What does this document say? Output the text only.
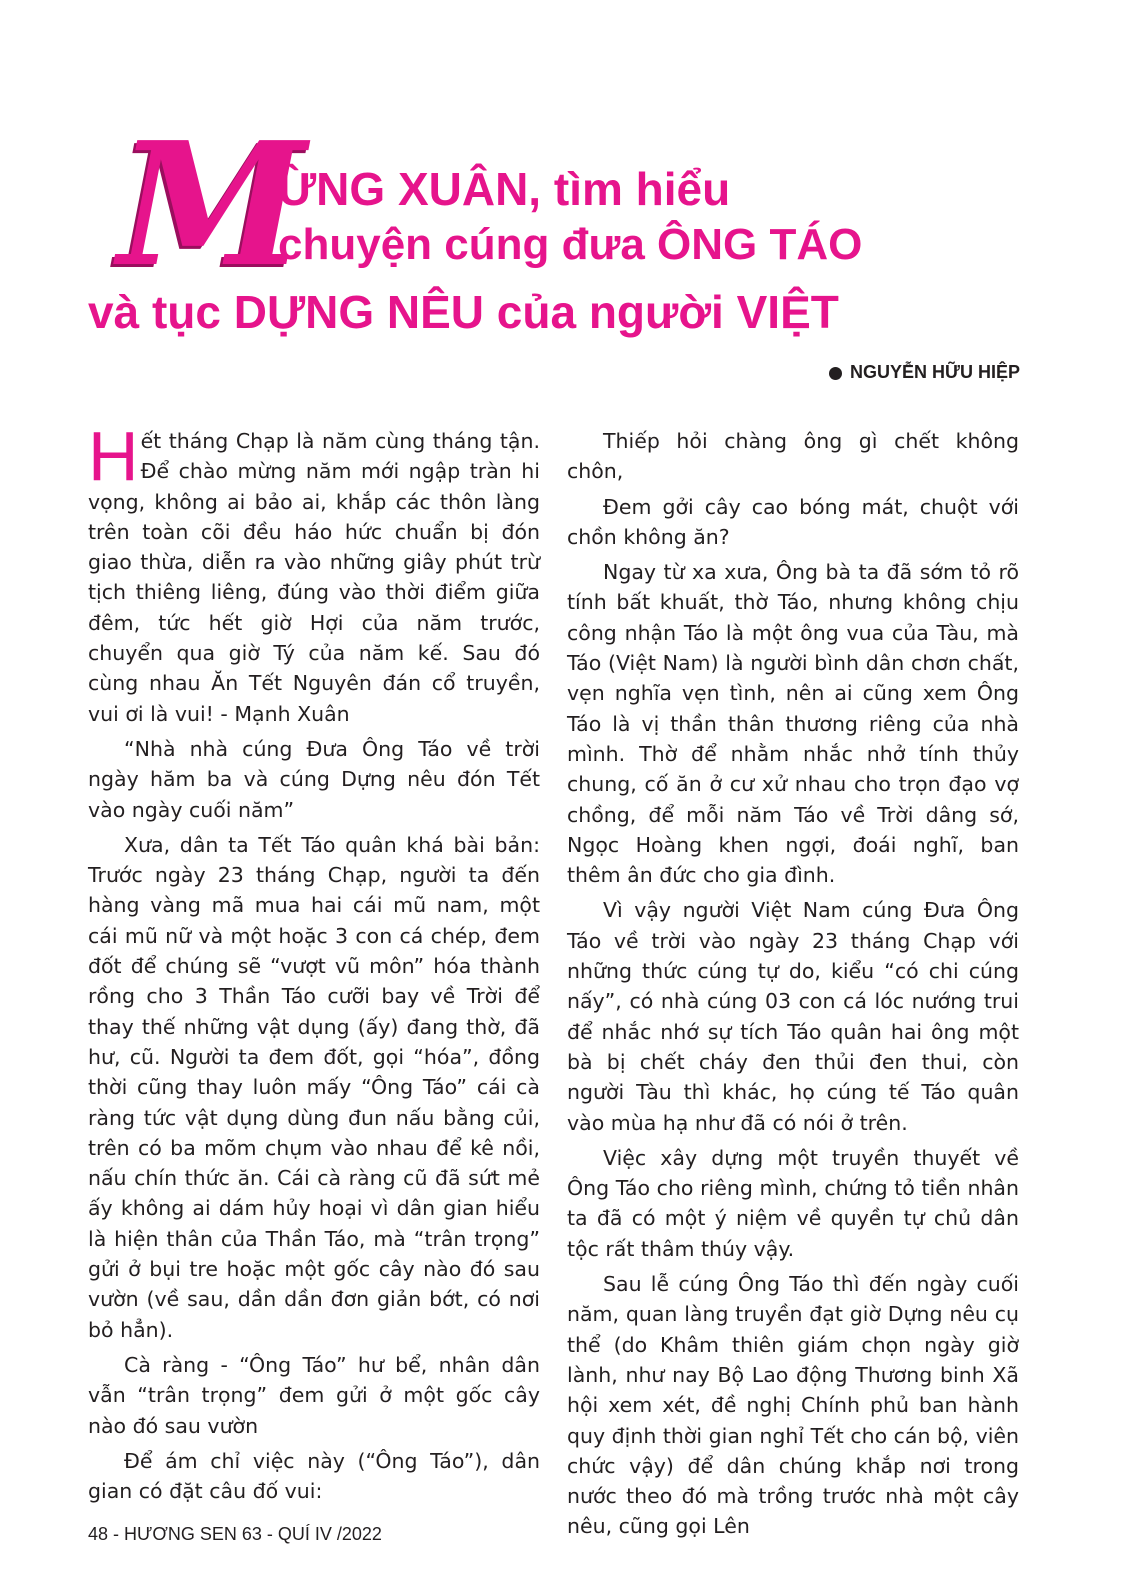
M
ỪNG XUÂN, tìm hiểu
chuyện cúng đưa ÔNG TÁO
và tục DỰNG NÊU của người VIỆT
NGUYỄN HỮU HIỆP

Hết tháng Chạp là năm cùng tháng tận. Để chào mừng năm mới ngập tràn hi vọng, không ai bảo ai, khắp các thôn làng trên toàn cõi đều háo hức chuẩn bị đón giao thừa, diễn ra vào những giây phút trừ tịch thiêng liêng, đúng vào thời điểm giữa đêm, tức hết giờ Hợi của năm trước, chuyển qua giờ Tý của năm kế. Sau đó cùng nhau Ăn Tết Nguyên đán cổ truyền, vui ơi là vui! - Mạnh Xuân

“Nhà nhà cúng Đưa Ông Táo về trời ngày hăm ba và cúng Dựng nêu đón Tết vào ngày cuối năm”

Xưa, dân ta Tết Táo quân khá bài bản: Trước ngày 23 tháng Chạp, người ta đến hàng vàng mã mua hai cái mũ nam, một cái mũ nữ và một hoặc 3 con cá chép, đem đốt để chúng sẽ “vượt vũ môn” hóa thành rồng cho 3 Thần Táo cưỡi bay về Trời để thay thế những vật dụng (ấy) đang thờ, đã hư, cũ. Người ta đem đốt, gọi “hóa”, đồng thời cũng thay luôn mấy “Ông Táo” cái cà ràng tức vật dụng dùng đun nấu bằng củi, trên có ba mõm chụm vào nhau để kê nồi, nấu chín thức ăn. Cái cà ràng cũ đã sứt mẻ ấy không ai dám hủy hoại vì dân gian hiểu là hiện thân của Thần Táo, mà “trân trọng” gửi ở bụi tre hoặc một gốc cây nào đó sau vườn (về sau, dần dần đơn giản bớt, có nơi bỏ hẳn).

Cà ràng - “Ông Táo” hư bể, nhân dân vẫn “trân trọng” đem gửi ở một gốc cây nào đó sau vườn

Để ám chỉ việc này (“Ông Táo”), dân gian có đặt câu đố vui:

Thiếp hỏi chàng ông gì chết không chôn,

Đem gởi cây cao bóng mát, chuột với chồn không ăn?

Ngay từ xa xưa, Ông bà ta đã sớm tỏ rõ tính bất khuất, thờ Táo, nhưng không chịu công nhận Táo là một ông vua của Tàu, mà Táo (Việt Nam) là người bình dân chơn chất, vẹn nghĩa vẹn tình, nên ai cũng xem Ông Táo là vị thần thân thương riêng của nhà mình. Thờ để nhằm nhắc nhở tính thủy chung, cố ăn ở cư xử nhau cho trọn đạo vợ chồng, để mỗi năm Táo về Trời dâng sớ, Ngọc Hoàng khen ngợi, đoái nghĩ, ban thêm ân đức cho gia đình.

Vì vậy người Việt Nam cúng Đưa Ông Táo về trời vào ngày 23 tháng Chạp với những thức cúng tự do, kiểu “có chi cúng nấy”, có nhà cúng 03 con cá lóc nướng trui để nhắc nhớ sự tích Táo quân hai ông một bà bị chết cháy đen thủi đen thui, còn người Tàu thì khác, họ cúng tế Táo quân vào mùa hạ như đã có nói ở trên.

Việc xây dựng một truyền thuyết về Ông Táo cho riêng mình, chứng tỏ tiền nhân ta đã có một ý niệm về quyền tự chủ dân tộc rất thâm thúy vậy.

Sau lễ cúng Ông Táo thì đến ngày cuối năm, quan làng truyền đạt giờ Dựng nêu cụ thể (do Khâm thiên giám chọn ngày giờ lành, như nay Bộ Lao động Thương binh Xã hội xem xét, đề nghị Chính phủ ban hành quy định thời gian nghỉ Tết cho cán bộ, viên chức vậy) để dân chúng khắp nơi trong nước theo đó mà trồng trước nhà một cây nêu, cũng gọi Lên

48 - HƯƠNG SEN 63 - QUÍ IV /2022
